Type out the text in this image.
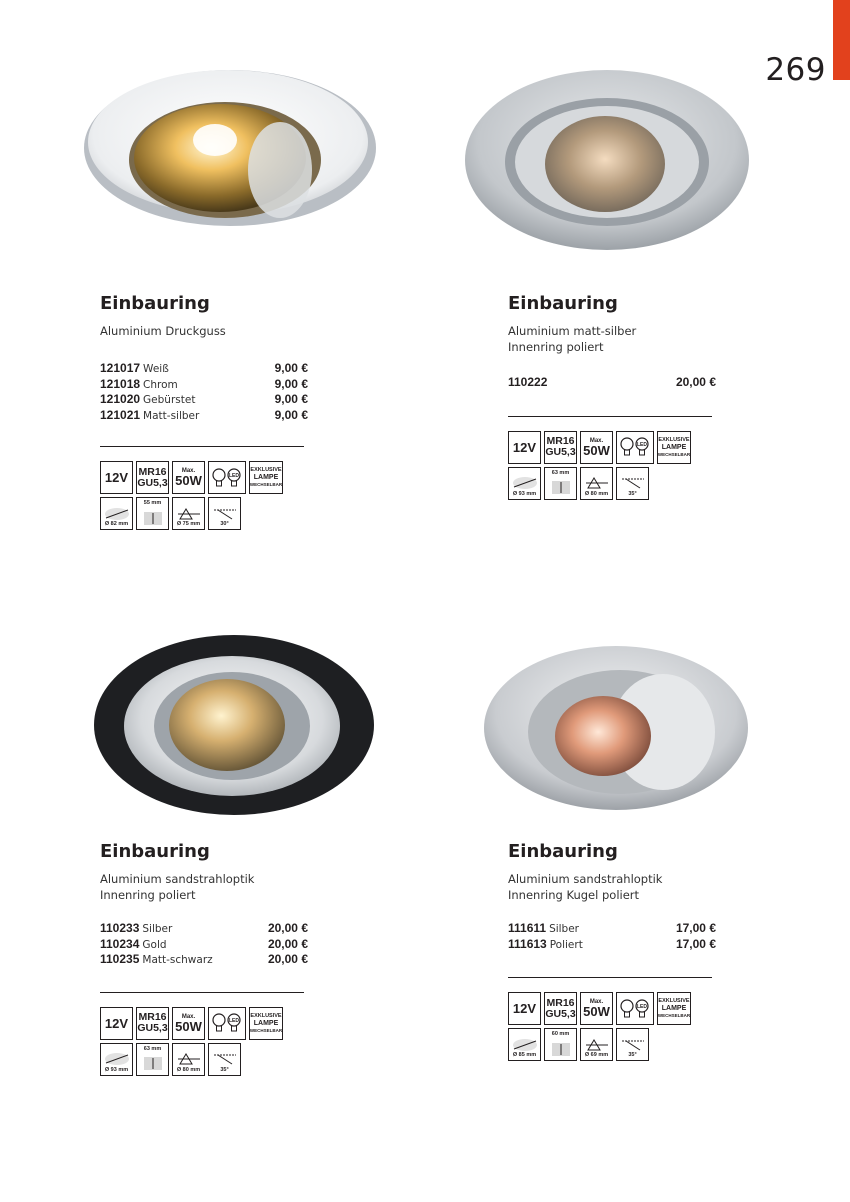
269
Einbauring
Aluminium Druckguss
121017 Weiß	9,00 €
121018 Chrom	9,00 €
121020 Gebürstet	9,00 €
121021 Matt-silber	9,00 €
12V MR16
GU5,3
Max.
50W	LED
EXKLUSIVE
LAMPE
WECHSELBAR
Ø 82 mm
55 mm
Ø 75 mm	30°
Einbauring
Aluminium matt-silber
Innenring poliert
110222	20,00 €
12V MR16
GU5,3
Max.
50W	LED
EXKLUSIVE
LAMPE
WECHSELBAR
Ø 93 mm
63 mm
Ø 80 mm	35°
Einbauring
Aluminium sandstrahloptik
Innenring poliert
110233 Silber	20,00 €
110234 Gold	20,00 €
110235 Matt-schwarz	20,00 €
12V MR16
GU5,3
Max.
50W	LED
EXKLUSIVE
LAMPE
WECHSELBAR
Ø 93 mm
63 mm
Ø 80 mm	35°
Einbauring
Aluminium sandstrahloptik
Innenring Kugel poliert
111611 Silber	17,00 €
111613 Poliert	17,00 €
12V MR16
GU5,3
Max.
50W	LED
EXKLUSIVE
LAMPE
WECHSELBAR
Ø 85 mm
60 mm
Ø 69 mm	35°
